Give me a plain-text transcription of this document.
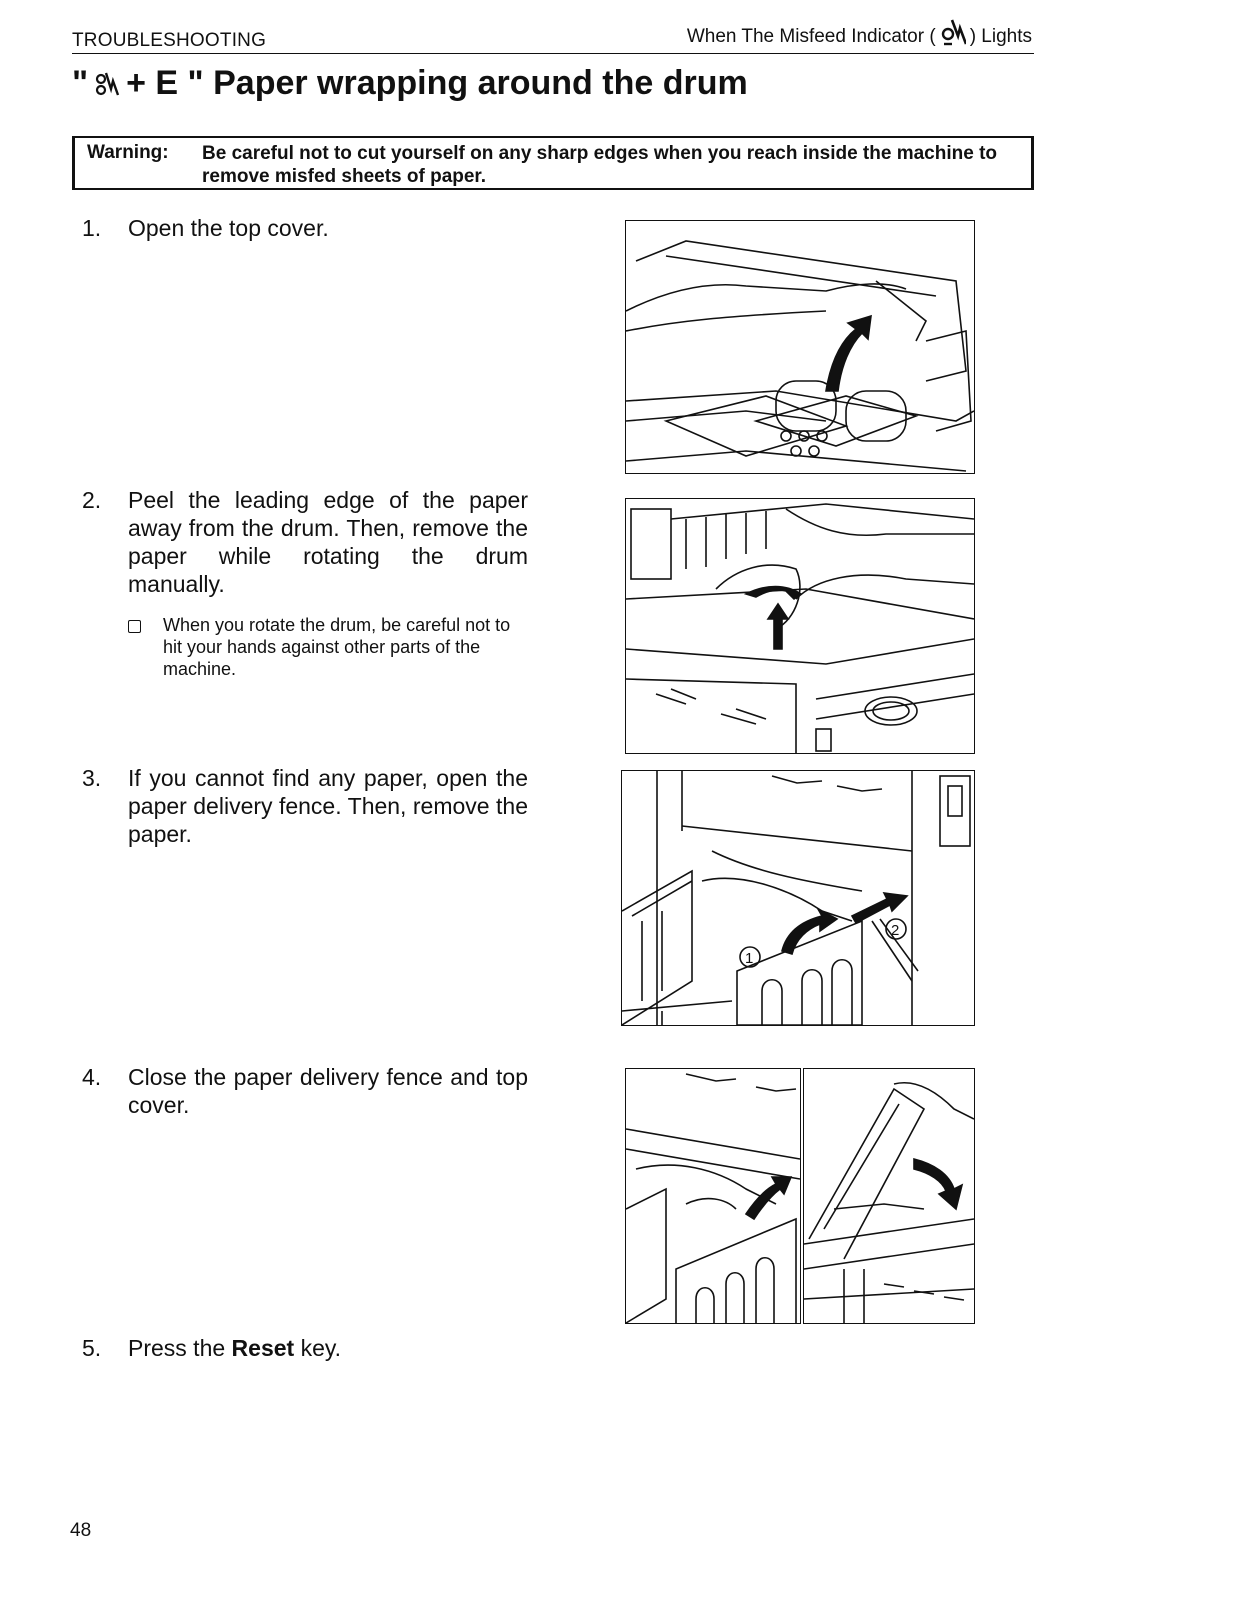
TROUBLESHOOTING	When The Misfeed Indicator ( ) Lights
" + E " Paper wrapping around the drum
Warning: Be careful not to cut yourself on any sharp edges when you reach inside the machine to remove misfed sheets of paper.
1.	Open the top cover.
2.	Peel the leading edge of the paper away from the drum. Then, remove the paper while rotating the drum manually.
When you rotate the drum, be careful not to hit your hands against other parts of the machine.
3.	If you cannot find any paper, open the paper delivery fence. Then, remove the paper.
4.	Close the paper delivery fence and top cover.
5.	Press the Reset key.
1
2
48
